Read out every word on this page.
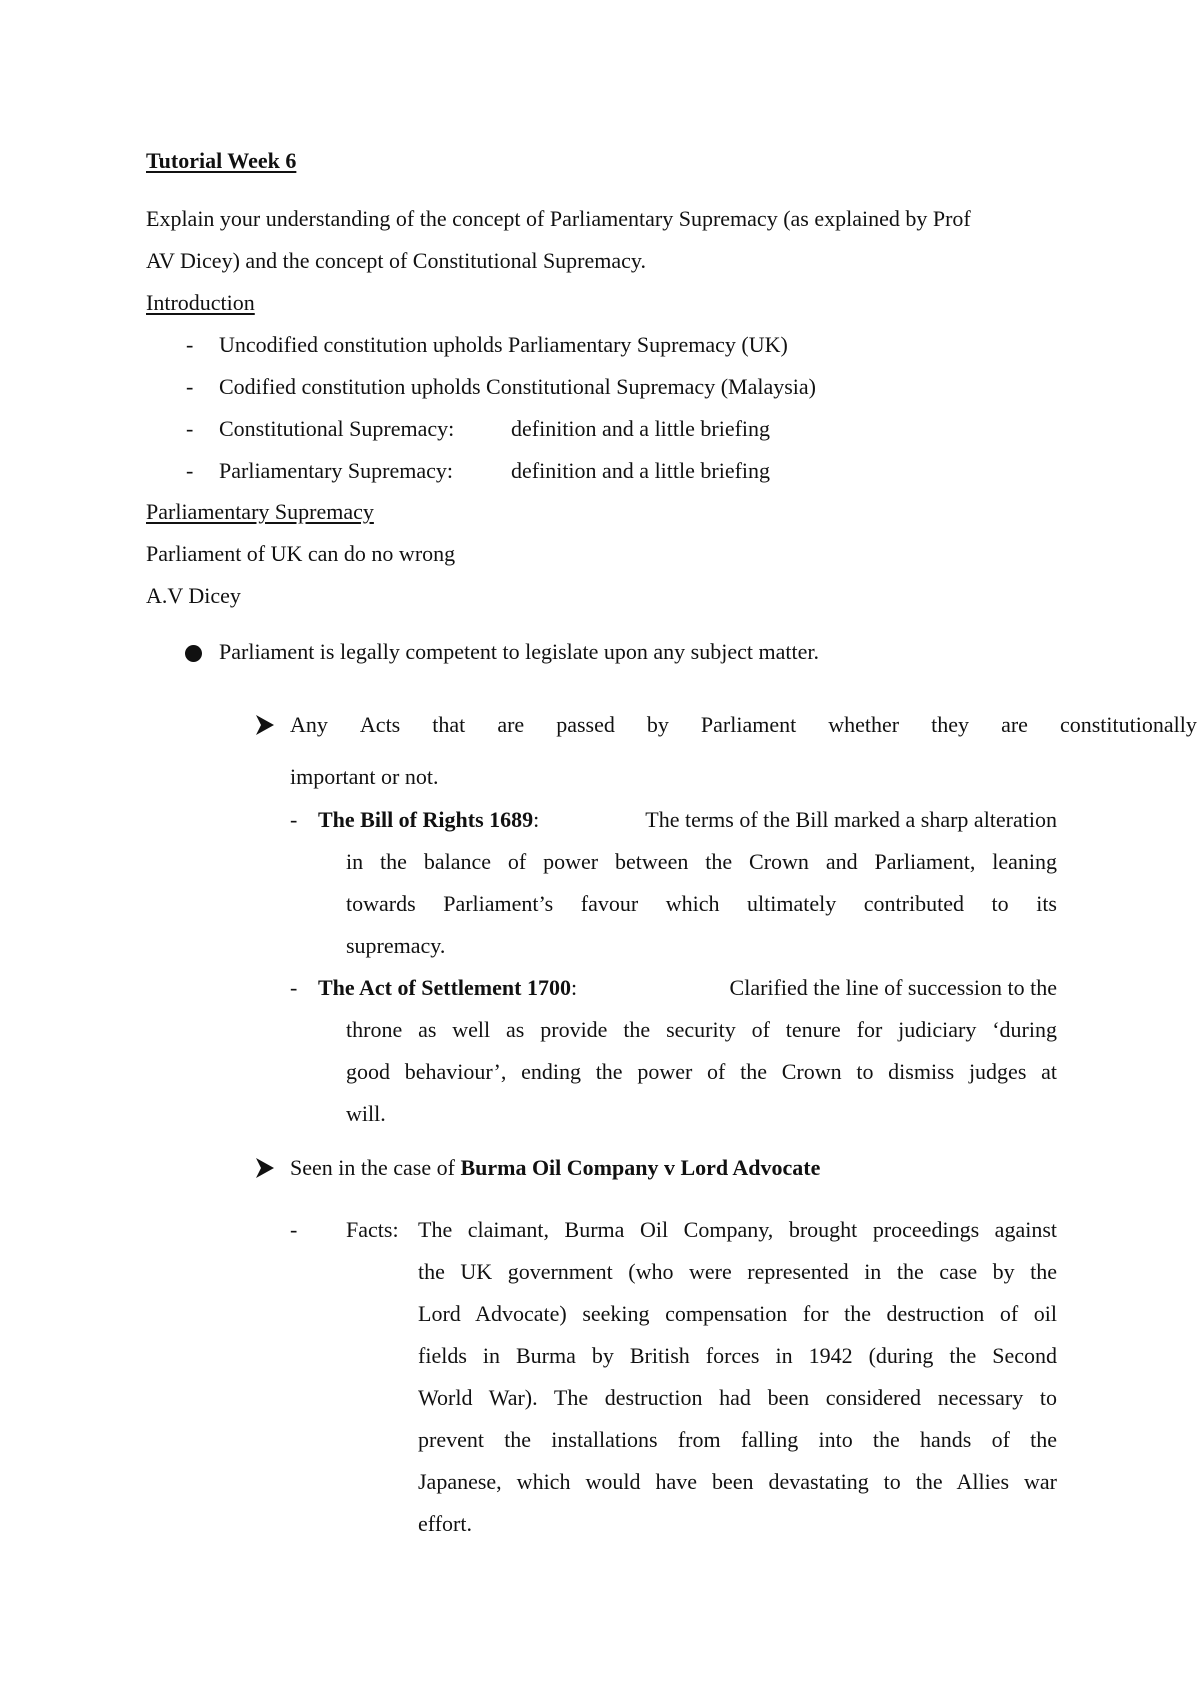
Tutorial Week 6
Explain your understanding of the concept of Parliamentary Supremacy (as explained by Prof
AV Dicey) and the concept of Constitutional Supremacy.
Introduction
- Uncodified constitution upholds Parliamentary Supremacy (UK)
- Codified constitution upholds Constitutional Supremacy (Malaysia)
- Constitutional Supremacy:	definition and a little briefing
- Parliamentary Supremacy:	definition and a little briefing
Parliamentary Supremacy
Parliament of UK can do no wrong
A.V Dicey
Parliament is legally competent to legislate upon any subject matter.
Any Acts that are passed by Parliament whether they are constitutionally
important or not.
- The Bill of Rights 1689:	The terms of the Bill marked a sharp alteration
in the balance of power between the Crown and Parliament, leaning
towards Parliament’s favour which ultimately contributed to its
supremacy.
- The Act of Settlement 1700:	Clarified the line of succession to the
throne as well as provide the security of tenure for judiciary ‘during
good behaviour’, ending the power of the Crown to dismiss judges at
will.
Seen in the case of Burma Oil Company v Lord Advocate
- Facts: The claimant, Burma Oil Company, brought proceedings against
the UK government (who were represented in the case by the
Lord Advocate) seeking compensation for the destruction of oil
fields in Burma by British forces in 1942 (during the Second
World War). The destruction had been considered necessary to
prevent the installations from falling into the hands of the
Japanese, which would have been devastating to the Allies war
effort.
